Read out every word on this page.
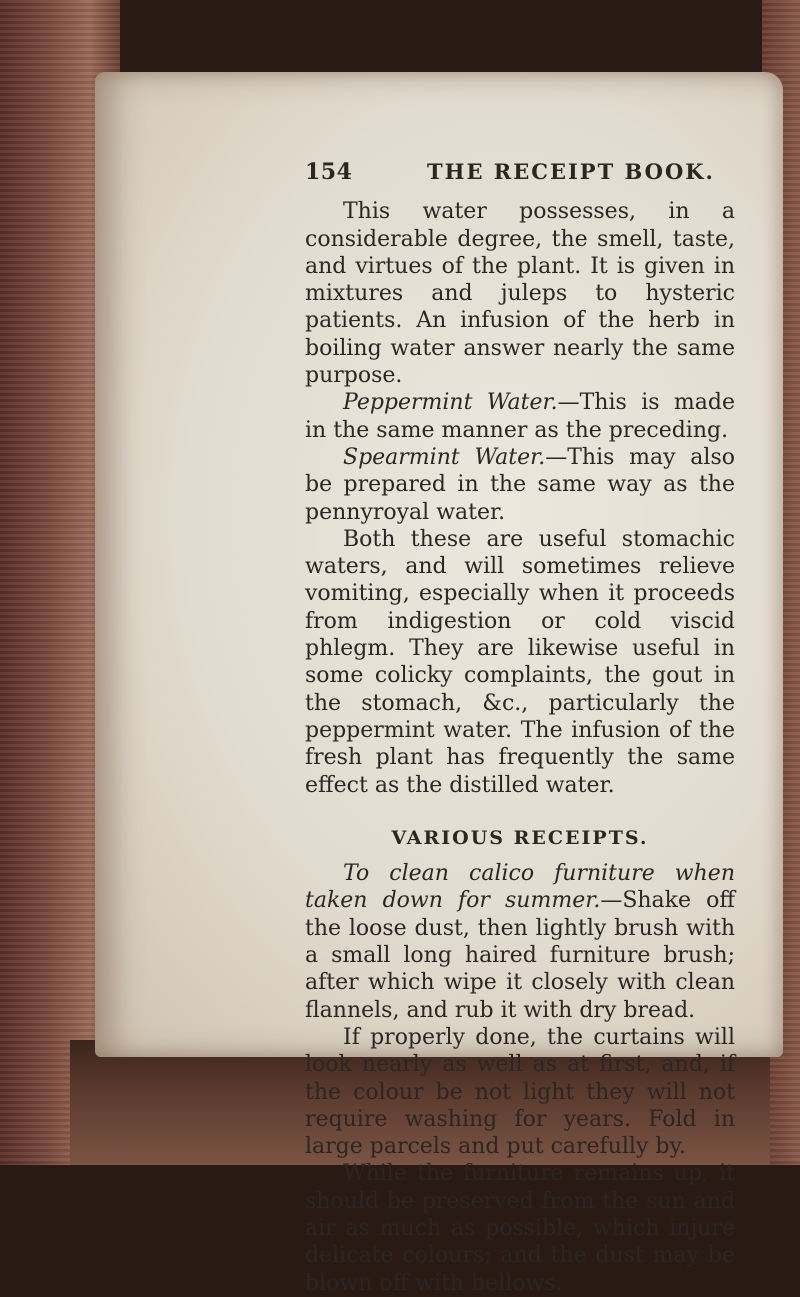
154	THE RECEIPT BOOK.

This water possesses, in a considerable degree, the smell, taste, and virtues of the plant. It is given in mixtures and juleps to hysteric patients. An infusion of the herb in boiling water answer nearly the same purpose.

Peppermint Water.—This is made in the same manner as the preceding.

Spearmint Water.—This may also be prepared in the same way as the pennyroyal water.

Both these are useful stomachic waters, and will sometimes relieve vomiting, especially when it proceeds from indigestion or cold viscid phlegm. They are likewise useful in some colicky complaints, the gout in the stomach, &c., particularly the peppermint water. The infusion of the fresh plant has frequently the same effect as the distilled water.

VARIOUS RECEIPTS.

To clean calico furniture when taken down for summer.—Shake off the loose dust, then lightly brush with a small long haired furniture brush; after which wipe it closely with clean flannels, and rub it with dry bread.

If properly done, the curtains will look nearly as well as at first, and, if the colour be not light they will not require washing for years. Fold in large parcels and put carefully by.

While the furniture remains up, it should be preserved from the sun and air as much as possible, which injure delicate colours; and the dust may be blown off with bellows.
